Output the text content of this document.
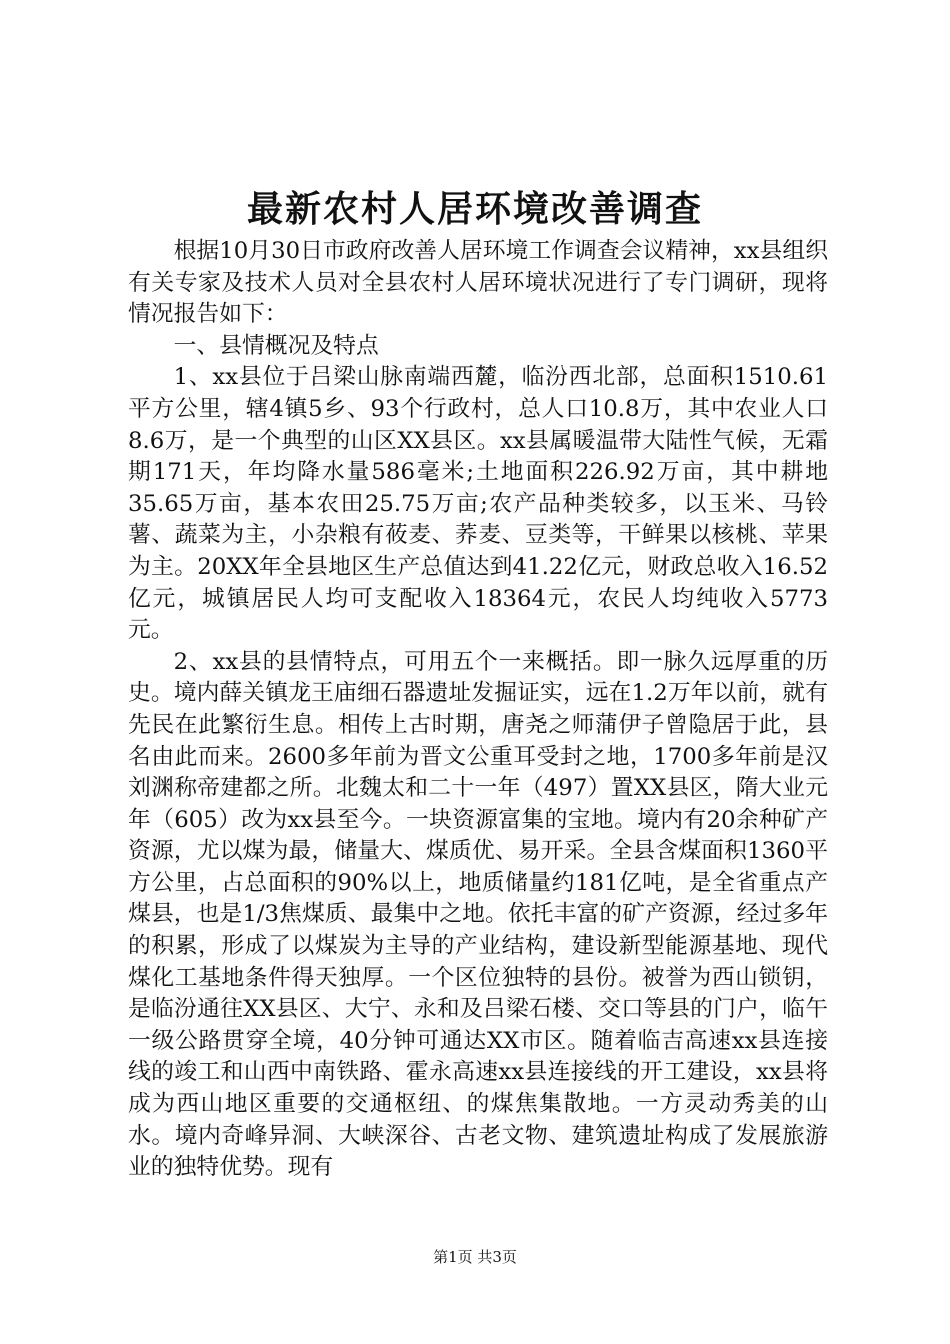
最新农村人居环境改善调查

根据10月30日市政府改善人居环境工作调查会议精神，xx县组织有关专家及技术人员对全县农村人居环境状况进行了专门调研，现将情况报告如下：

一、县情概况及特点

1、xx县位于吕梁山脉南端西麓，临汾西北部，总面积1510.61平方公里，辖4镇5乡、93个行政村，总人口10.8万，其中农业人口8.6万，是一个典型的山区XX县区。xx县属暖温带大陆性气候，无霜期171天，年均降水量586毫米;土地面积226.92万亩，其中耕地35.65万亩，基本农田25.75万亩;农产品种类较多，以玉米、马铃薯、蔬菜为主，小杂粮有莜麦、荞麦、豆类等，干鲜果以核桃、苹果为主。20XX年全县地区生产总值达到41.22亿元，财政总收入16.52亿元，城镇居民人均可支配收入18364元，农民人均纯收入5773元。

2、xx县的县情特点，可用五个一来概括。即一脉久远厚重的历史。境内薛关镇龙王庙细石器遗址发掘证实，远在1.2万年以前，就有先民在此繁衍生息。相传上古时期，唐尧之师蒲伊子曾隐居于此，县名由此而来。2600多年前为晋文公重耳受封之地，1700多年前是汉刘渊称帝建都之所。北魏太和二十一年（497）置XX县区，隋大业元年（605）改为xx县至今。一块资源富集的宝地。境内有20余种矿产资源，尤以煤为最，储量大、煤质优、易开采。全县含煤面积1360平方公里，占总面积的90%以上，地质储量约181亿吨，是全省重点产煤县，也是1/3焦煤质、最集中之地。依托丰富的矿产资源，经过多年的积累，形成了以煤炭为主导的产业结构，建设新型能源基地、现代煤化工基地条件得天独厚。一个区位独特的县份。被誉为西山锁钥，是临汾通往XX县区、大宁、永和及吕梁石楼、交口等县的门户，临午一级公路贯穿全境，40分钟可通达XX市区。随着临吉高速xx县连接线的竣工和山西中南铁路、霍永高速xx县连接线的开工建设，xx县将成为西山地区重要的交通枢纽、的煤焦集散地。一方灵动秀美的山水。境内奇峰异洞、大峡深谷、古老文物、建筑遗址构成了发展旅游业的独特优势。现有

第1页 共3页
